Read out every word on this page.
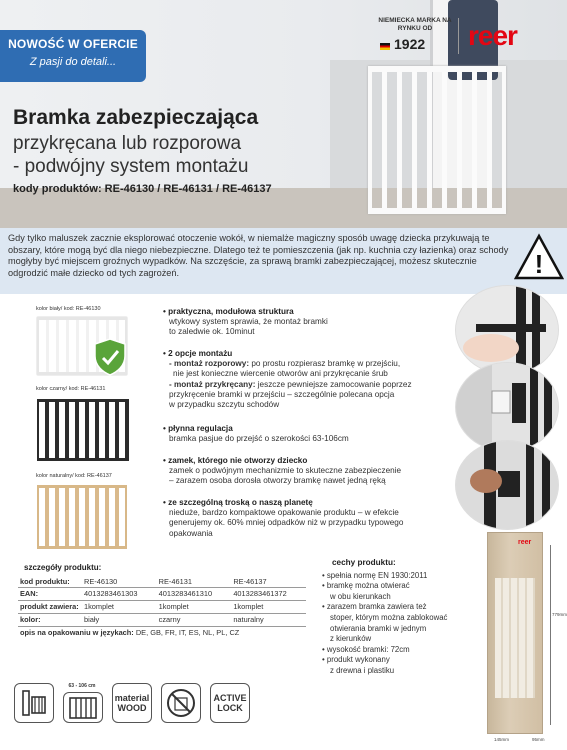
NOWOŚĆ W OFERCIE
Z pasji do detali...
NIEMIECKA MARKA NA RYNKU OD
1922 reer
Bramka zabezpieczająca
przykręcana lub rozporowa
- podwójny system montażu
kody produktów: RE-46130 / RE-46131 / RE-46137

Gdy tylko maluszek zacznie eksplorować otoczenie wokół, w niemalże magiczny sposób uwagę dziecka przykuwają te obszary, które mogą być dla niego niebezpieczne. Dlatego też te pomieszczenia (jak np. kuchnia czy łazienka) oraz schody mogłyby być miejscem groźnych wypadków. Na szczęście, za sprawą bramki zabezpieczającej, możesz skutecznie odgrodzić małe dziecko od tych zagrożeń.	!
kolor biały/ kod: RE-46130
kolor czarny/ kod: RE-46131
kolor naturalny/ kod: RE-46137
• praktyczna, modułowa struktura
wtykowy system sprawia, że montaż bramki
to zaledwie ok. 10minut
• 2 opcje montażu
- montaż rozporowy: po prostu rozpierasz bramkę w przejściu,
nie jest konieczne wiercenie otworów ani przykręcanie śrub
- montaż przykręcany: jeszcze pewniejsze zamocowanie poprzez
przykręcenie bramki w przejściu – szczególnie polecana opcja
w przypadku szczytu schodów
• płynna regulacja
bramka pasjue do przejść o szerokości 63-106cm
• zamek, którego nie otworzy dziecko
zamek o podwójnym mechanizmie to skuteczne zabezpieczenie
– zarazem osoba dorosła otworzy bramkę nawet jedną ręką
• ze szczególną troską o naszą planetę
nieduże, bardzo kompaktowe opakowanie produktu – w efekcie
generujemy ok. 60% mniej odpadków niż w przypadku typowego
opakowania
szczegóły produktu:
kod produktu:	RE-46130	RE-46131	RE-46137
EAN:	4013283461303	4013283461310	4013283461372
produkt zawiera:	1komplet	1komplet	1komplet
kolor:	biały	czarny	naturalny
opis na opakowaniu w językach: DE, GB, FR, IT, ES, NL, PL, CZ			
cechy produktu:
• spełnia normę EN 1930:2011
• bramkę można otwierać
w obu kierunkach
• zarazem bramka zawiera też
stoper, którym można zablokować
otwierania bramki w jednym
z kierunków
• wysokość bramki: 72cm
• produkt wykonany
z drewna i plastiku
reer
779mm
145mm	95mm
63 - 106 cm
material
WOOD
ACTIVE
LOCK
